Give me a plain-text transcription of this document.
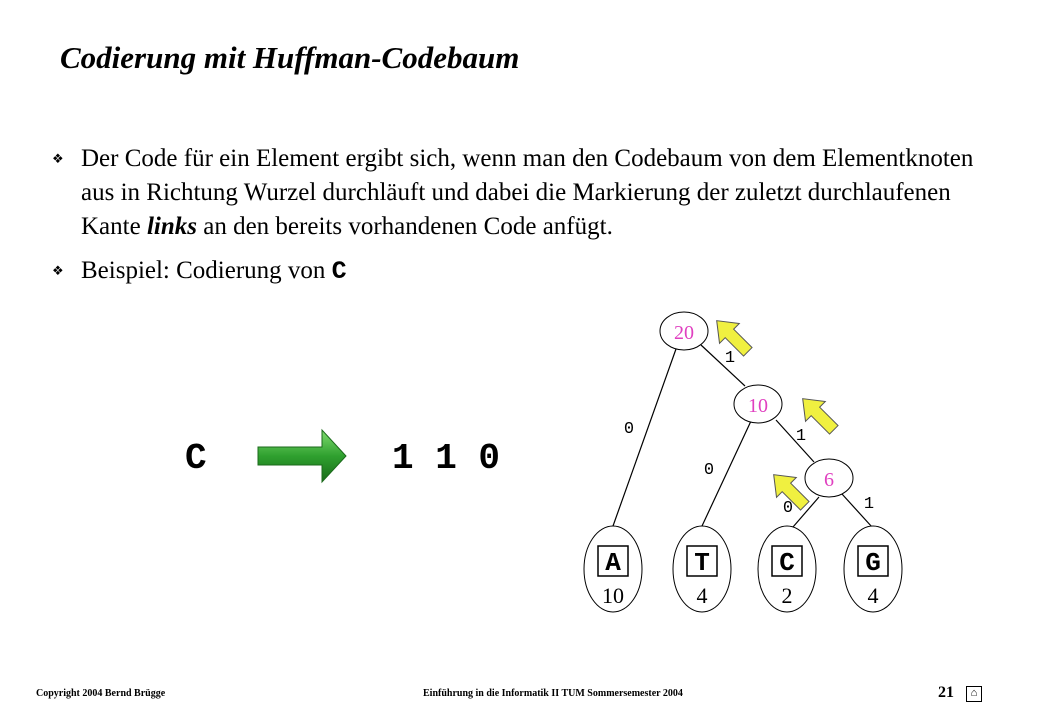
Codierung mit Huffman-Codebaum
❖ Der Code für ein Element ergibt sich, wenn man den Codebaum von dem Elementknoten aus in Richtung Wurzel durchläuft und dabei die Markierung der zuletzt durchlaufenen Kante links an den bereits vorhandenen Code anfügt.
❖ Beispiel: Codierung von C
C
20
10
6
0
1
0
1
0	1
A
10
T
4
C
2
G
4
1 1 0
Copyright 2004 Bernd Brügge	Einführung in die Informatik II TUM Sommersemester 2004	21	⌂
